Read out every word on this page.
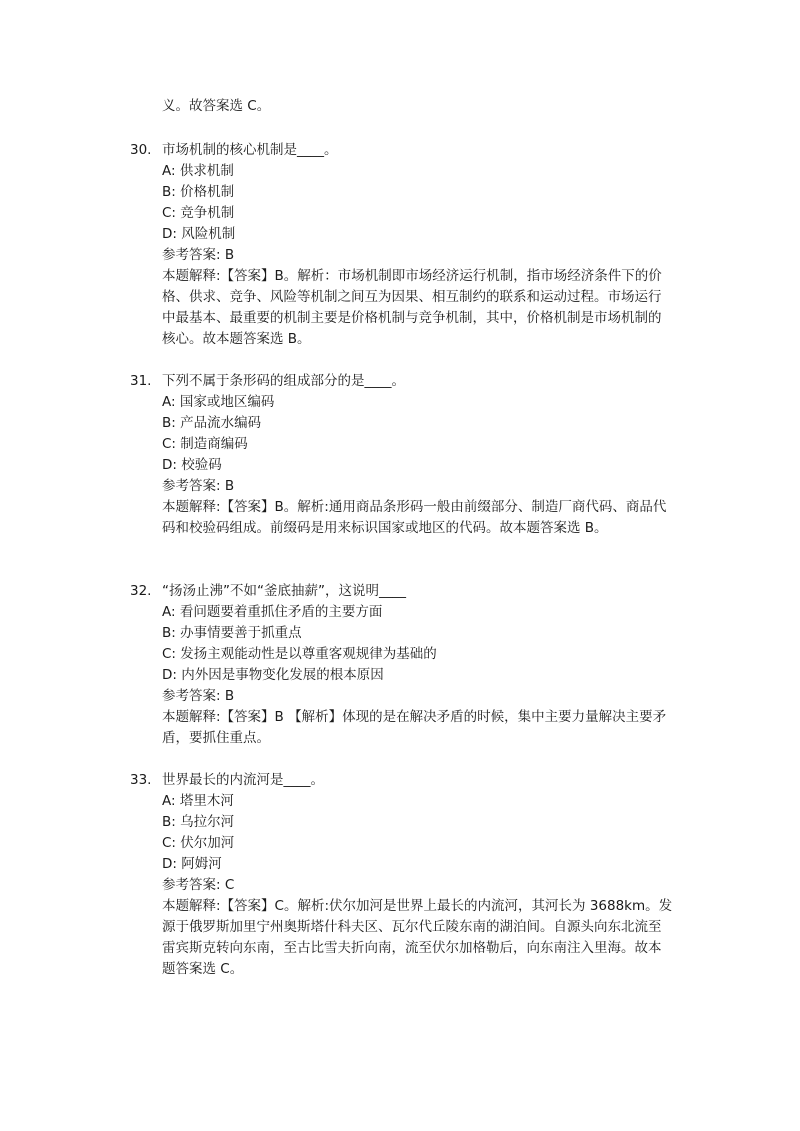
义。故答案选 C。
30. 市场机制的核心机制是____。
A: 供求机制
B: 价格机制
C: 竞争机制
D: 风险机制
参考答案: B
本题解释:【答案】B。解析：市场机制即市场经济运行机制，指市场经济条件下的价格、供求、竞争、风险等机制之间互为因果、相互制约的联系和运动过程。市场运行中最基本、最重要的机制主要是价格机制与竞争机制，其中，价格机制是市场机制的核心。故本题答案选 B。
31. 下列不属于条形码的组成部分的是____。
A: 国家或地区编码
B: 产品流水编码
C: 制造商编码
D: 校验码
参考答案: B
本题解释:【答案】B。解析:通用商品条形码一般由前缀部分、制造厂商代码、商品代码和校验码组成。前缀码是用来标识国家或地区的代码。故本题答案选 B。
32. “扬汤止沸”不如“釜底抽薪”，这说明____
A: 看问题要着重抓住矛盾的主要方面
B: 办事情要善于抓重点
C: 发扬主观能动性是以尊重客观规律为基础的
D: 内外因是事物变化发展的根本原因
参考答案: B
本题解释:【答案】B 【解析】体现的是在解决矛盾的时候，集中主要力量解决主要矛盾，要抓住重点。
33. 世界最长的内流河是____。
A: 塔里木河
B: 乌拉尔河
C: 伏尔加河
D: 阿姆河
参考答案: C
本题解释:【答案】C。解析:伏尔加河是世界上最长的内流河，其河长为 3688km。发源于俄罗斯加里宁州奥斯塔什科夫区、瓦尔代丘陵东南的湖泊间。自源头向东北流至雷宾斯克转向东南，至古比雪夫折向南，流至伏尔加格勒后，向东南注入里海。故本题答案选 C。
